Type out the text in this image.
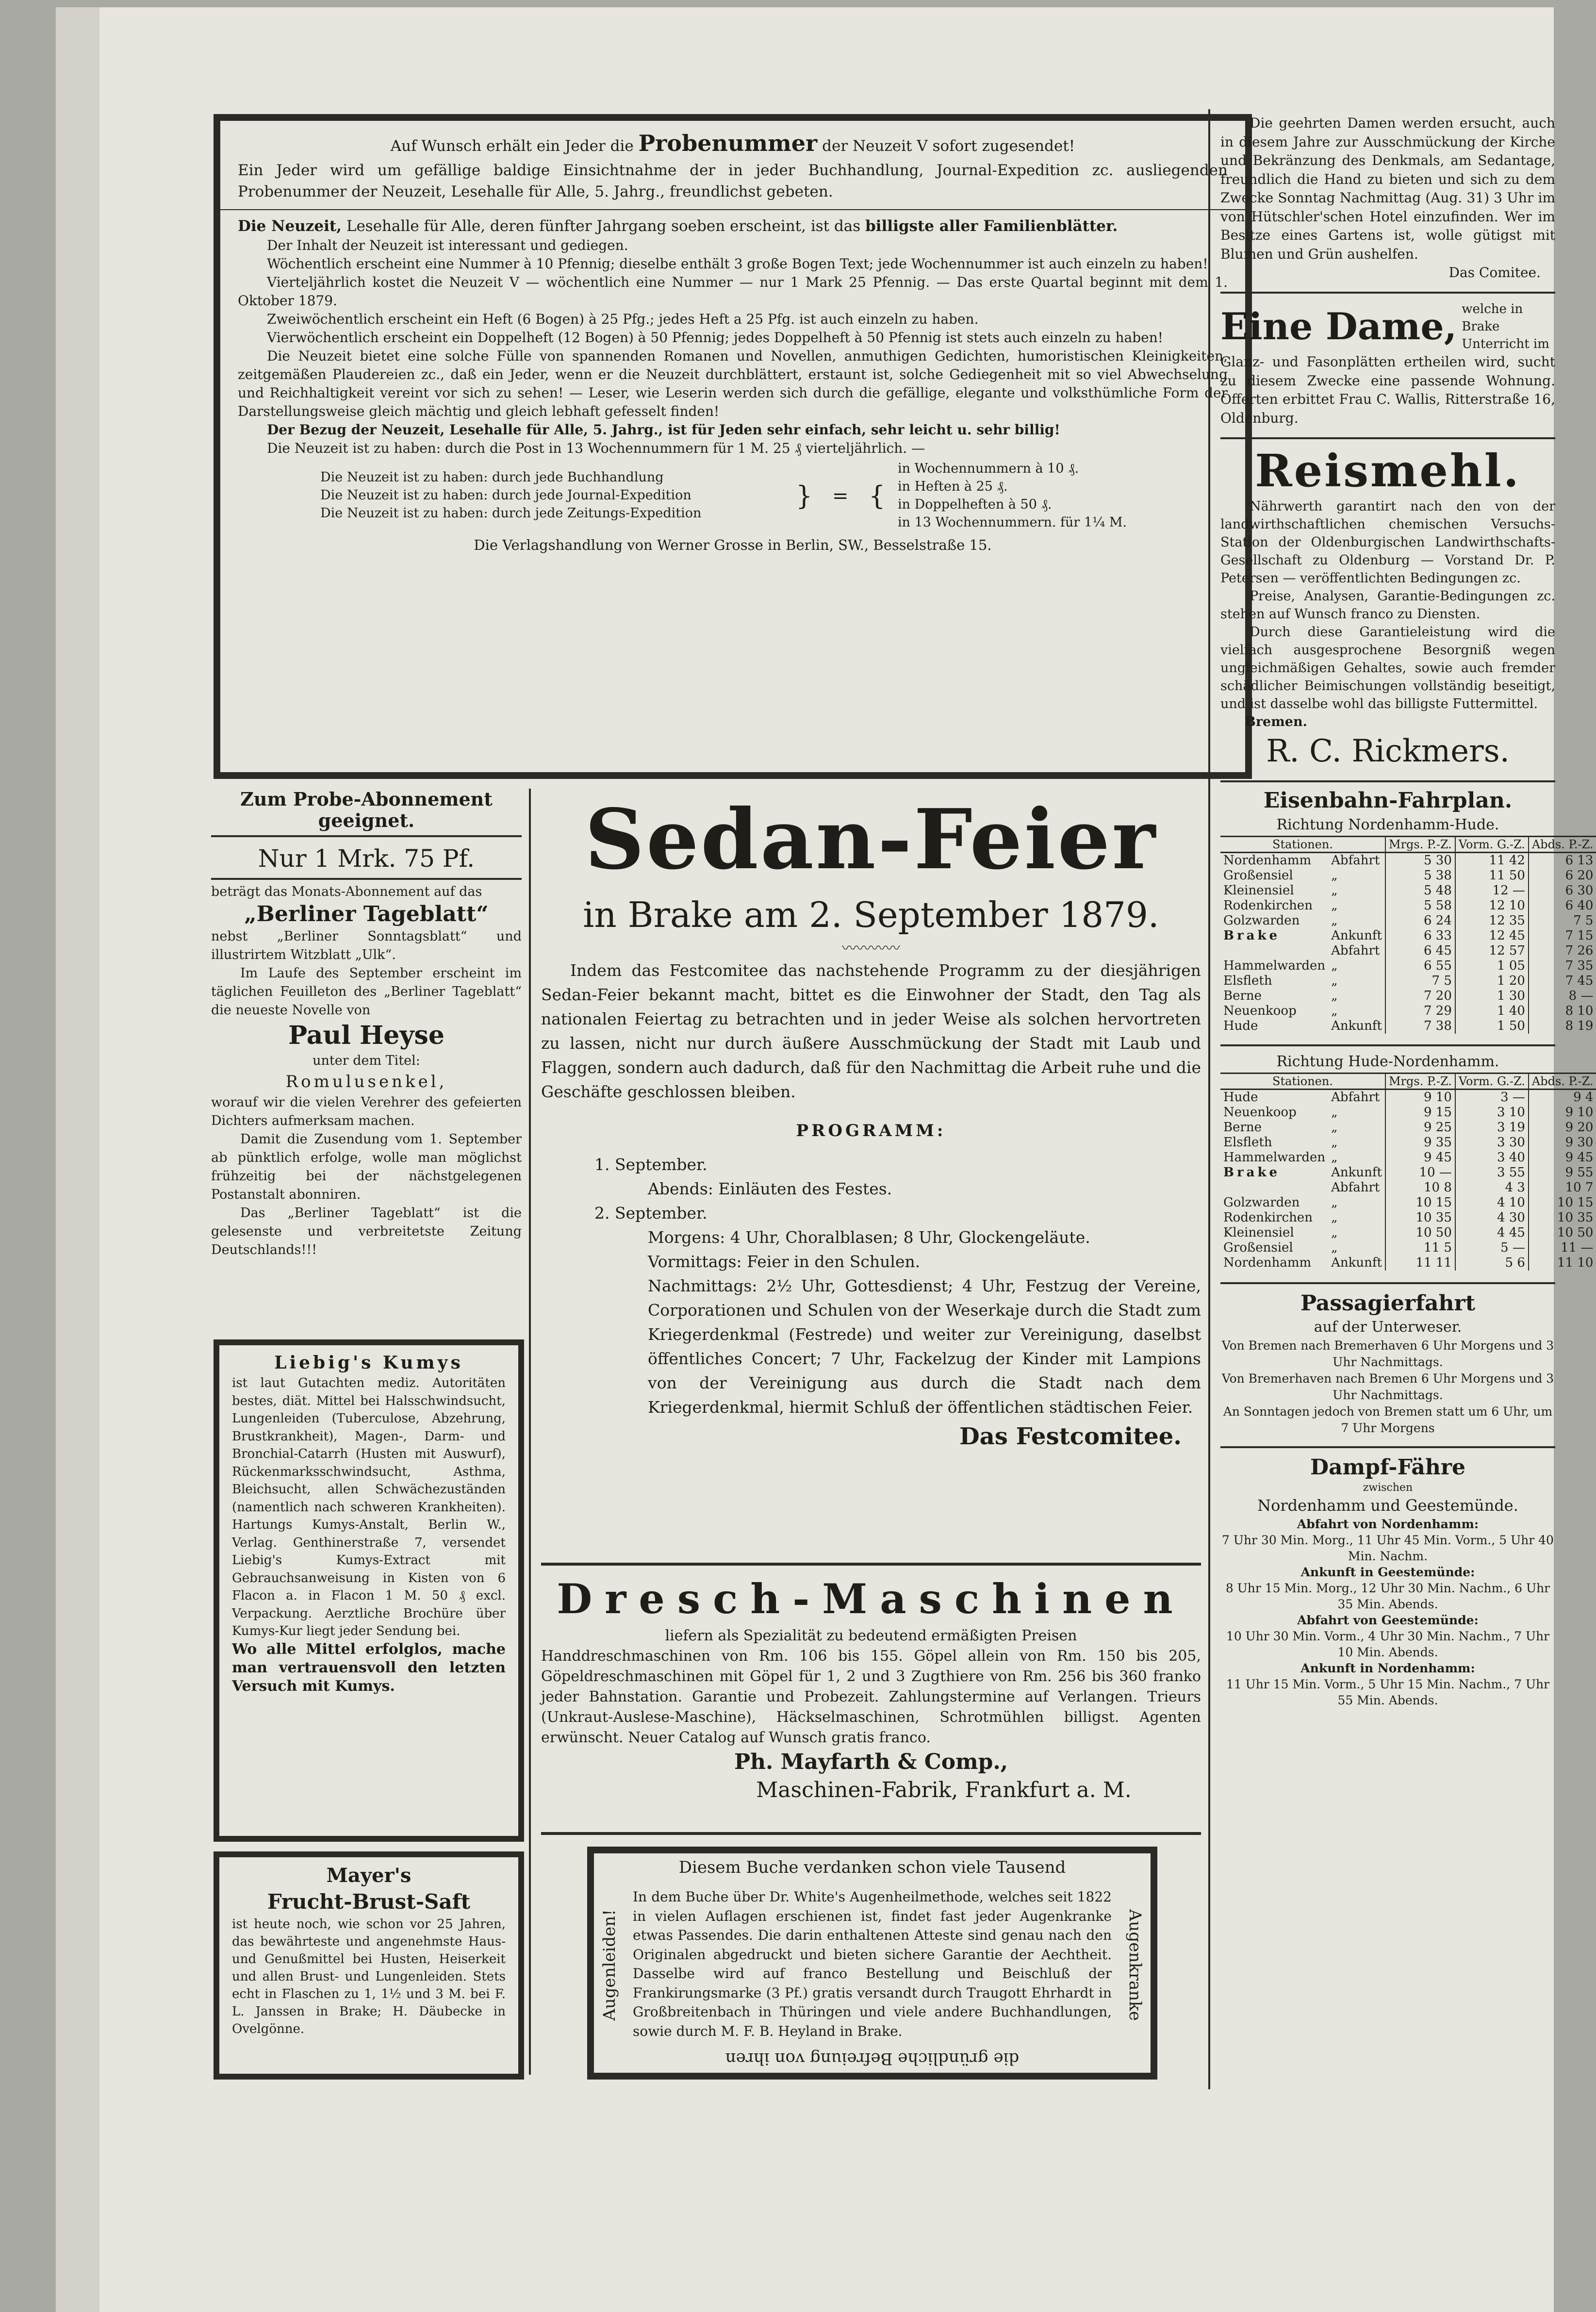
Auf Wunsch erhält ein Jeder die Probenummer der Neuzeit V sofort zugesendet!
Ein Jeder wird um gefällige baldige Einsichtnahme der in jeder Buchhandlung, Journal-Expedition zc. ausliegenden Probenummer der Neuzeit, Lesehalle für Alle, 5. Jahrg., freundlichst gebeten.
Die Neuzeit, Lesehalle für Alle, deren fünfter Jahrgang soeben erscheint, ist das billigste aller Familienblätter.
Der Inhalt der Neuzeit ist interessant und gediegen.
Wöchentlich erscheint eine Nummer à 10 Pfennig; dieselbe enthält 3 große Bogen Text; jede Wochennummer ist auch einzeln zu haben!
Vierteljährlich kostet die Neuzeit V — wöchentlich eine Nummer — nur 1 Mark 25 Pfennig. — Das erste Quartal beginnt mit dem 1. Oktober 1879.
Zweiwöchentlich erscheint ein Heft (6 Bogen) à 25 Pfg.; jedes Heft a 25 Pfg. ist auch einzeln zu haben.
Vierwöchentlich erscheint ein Doppelheft (12 Bogen) à 50 Pfennig; jedes Doppelheft à 50 Pfennig ist stets auch einzeln zu haben!
Die Neuzeit bietet eine solche Fülle von spannenden Romanen und Novellen, anmuthigen Gedichten, humoristischen Kleinigkeiten, zeitgemäßen Plaudereien zc., daß ein Jeder, wenn er die Neuzeit durchblättert, erstaunt ist, solche Gediegenheit mit so viel Abwechselung und Reichhaltigkeit vereint vor sich zu sehen! — Leser, wie Leserin werden sich durch die gefällige, elegante und volksthümliche Form der Darstellungsweise gleich mächtig und gleich lebhaft gefesselt finden!
Der Bezug der Neuzeit, Lesehalle für Alle, 5. Jahrg., ist für Jeden sehr einfach, sehr leicht u. sehr billig!
Die Neuzeit ist zu haben: durch die Post in 13 Wochennummern für 1 M. 25 ₰ vierteljährlich. —
Die Neuzeit ist zu haben: durch jede Buchhandlung
Die Neuzeit ist zu haben: durch jede Journal-Expedition
Die Neuzeit ist zu haben: durch jede Zeitungs-Expedition
} = {
in Wochennummern à 10 ₰.
in Heften à 25 ₰.
in Doppelheften à 50 ₰.
in 13 Wochennummern. für 1¼ M.
Die Verlagshandlung von Werner Grosse in Berlin, SW., Besselstraße 15.
Zum Probe-Abonnement geeignet.
Nur 1 Mrk. 75 Pf.
beträgt das Monats-Abonnement auf das
„Berliner Tageblatt“
nebst „Berliner Sonntagsblatt“ und illustrirtem Witzblatt „Ulk“.
Im Laufe des September erscheint im täglichen Feuilleton des „Berliner Tageblatt“ die neueste Novelle von
Paul Heyse
unter dem Titel:
Romulusenkel,
worauf wir die vielen Verehrer des gefeierten Dichters aufmerksam machen.
Damit die Zusendung vom 1. September ab pünktlich erfolge, wolle man möglichst frühzeitig bei der nächstgelegenen Postanstalt abonniren.
Das „Berliner Tageblatt“ ist die gelesenste und verbreitetste Zeitung Deutschlands!!!
Liebig's Kumys
ist laut Gutachten mediz. Autoritäten bestes, diät. Mittel bei Halsschwindsucht, Lungenleiden (Tuberculose, Abzehrung, Brustkrankheit), Magen-, Darm- und Bronchial-Catarrh (Husten mit Auswurf), Rückenmarksschwindsucht, Asthma, Bleichsucht, allen Schwächezuständen (namentlich nach schweren Krankheiten). Hartungs Kumys-Anstalt, Berlin W., Verlag. Genthinerstraße 7, versendet Liebig's Kumys-Extract mit Gebrauchsanweisung in Kisten von 6 Flacon a. in Flacon 1 M. 50 ₰ excl. Verpackung. Aerztliche Brochüre über Kumys-Kur liegt jeder Sendung bei.
Wo alle Mittel erfolglos, mache man vertrauensvoll den letzten Versuch mit Kumys.
Mayer's
Frucht-Brust-Saft
ist heute noch, wie schon vor 25 Jahren, das bewährteste und angenehmste Haus- und Genußmittel bei Husten, Heiserkeit und allen Brust- und Lungenleiden. Stets echt in Flaschen zu 1, 1½ und 3 M. bei F. L. Janssen in Brake; H. Däubecke in Ovelgönne.
Sedan-Feier
in Brake am 2. September 1879.
〰〰〰〰
Indem das Festcomitee das nachstehende Programm zu der diesjährigen Sedan-Feier bekannt macht, bittet es die Einwohner der Stadt, den Tag als nationalen Feiertag zu betrachten und in jeder Weise als solchen hervortreten zu lassen, nicht nur durch äußere Ausschmückung der Stadt mit Laub und Flaggen, sondern auch dadurch, daß für den Nachmittag die Arbeit ruhe und die Geschäfte geschlossen bleiben.
PROGRAMM:
1. September.
Abends: Einläuten des Festes.
2. September.
Morgens: 4 Uhr, Choralblasen; 8 Uhr, Glockengeläute.
Vormittags: Feier in den Schulen.
Nachmittags: 2½ Uhr, Gottesdienst; 4 Uhr, Festzug der Vereine, Corporationen und Schulen von der Weserkaje durch die Stadt zum Kriegerdenkmal (Festrede) und weiter zur Vereinigung, daselbst öffentliches Concert; 7 Uhr, Fackelzug der Kinder mit Lampions von der Vereinigung aus durch die Stadt nach dem Kriegerdenkmal, hiermit Schluß der öffentlichen städtischen Feier.
Das Festcomitee.
Dresch-Maschinen
liefern als Spezialität zu bedeutend ermäßigten Preisen
Handdreschmaschinen von Rm. 106 bis 155. Göpel allein von Rm. 150 bis 205, Göpeldreschmaschinen mit Göpel für 1, 2 und 3 Zugthiere von Rm. 256 bis 360 franko jeder Bahnstation. Garantie und Probezeit. Zahlungstermine auf Verlangen. Trieurs (Unkraut-Auslese-Maschine), Häckselmaschinen, Schrotmühlen billigst. Agenten erwünscht. Neuer Catalog auf Wunsch gratis franco.
Ph. Mayfarth & Comp.,
Maschinen-Fabrik, Frankfurt a. M.
Diesem Buche verdanken schon viele Tausend
Augenleiden!	Augenkranke
In dem Buche über Dr. White's Augenheilmethode, welches seit 1822 in vielen Auflagen erschienen ist, findet fast jeder Augenkranke etwas Passendes. Die darin enthaltenen Atteste sind genau nach den Originalen abgedruckt und bieten sichere Garantie der Aechtheit. Dasselbe wird auf franco Bestellung und Beischluß der Frankirungsmarke (3 Pf.) gratis versandt durch Traugott Ehrhardt in Großbreitenbach in Thüringen und viele andere Buchhandlungen, sowie durch M. F. B. Heyland in Brake.
die gründliche Befreiung von ihren
Die geehrten Damen werden ersucht, auch in diesem Jahre zur Ausschmückung der Kirche und Bekränzung des Denkmals, am Sedantage, freundlich die Hand zu bieten und sich zu dem Zwecke Sonntag Nachmittag (Aug. 31) 3 Uhr im von Hütschler'schen Hotel einzufinden. Wer im Besitze eines Gartens ist, wolle gütigst mit Blumen und Grün aushelfen.
Das Comitee.
Eine Dame, welche in Brake Unterricht im
Glanz- und Fasonplätten ertheilen wird, sucht zu diesem Zwecke eine passende Wohnung. Offerten erbittet Frau C. Wallis, Ritterstraße 16, Oldenburg.
Reismehl.
Nährwerth garantirt nach den von der landwirthschaftlichen chemischen Versuchs-Station der Oldenburgischen Landwirthschafts-Gesellschaft zu Oldenburg — Vorstand Dr. P. Petersen — veröffentlichten Bedingungen zc.
Preise, Analysen, Garantie-Bedingungen zc. stehen auf Wunsch franco zu Diensten.
Durch diese Garantieleistung wird die vielfach ausgesprochene Besorgniß wegen ungleichmäßigen Gehaltes, sowie auch fremder schädlicher Beimischungen vollständig beseitigt, und ist dasselbe wohl das billigste Futtermittel.
Bremen.
R. C. Rickmers.
Eisenbahn-Fahrplan.
Richtung Nordenhamm-Hude.
Stationen.		Mrgs. P.-Z.	Vorm. G.-Z.	Abds. P.-Z.
Nordenhamm	Abfahrt	5 30	11 42	6 13
Großensiel	„	5 38	11 50	6 20
Kleinensiel	„	5 48	12 —	6 30
Rodenkirchen	„	5 58	12 10	6 40
Golzwarden	„	6 24	12 35	7 5
Brake	Ankunft	6 33	12 45	7 15
	Abfahrt	6 45	12 57	7 26
Hammelwarden	„	6 55	1 05	7 35
Elsfleth	„	7 5	1 20	7 45
Berne	„	7 20	1 30	8 —
Neuenkoop	„	7 29	1 40	8 10
Hude	Ankunft	7 38	1 50	8 19
Richtung Hude-Nordenhamm.
Stationen.		Mrgs. P.-Z.	Vorm. G.-Z.	Abds. P.-Z.
Hude	Abfahrt	9 10	3 —	9 4
Neuenkoop	„	9 15	3 10	9 10
Berne	„	9 25	3 19	9 20
Elsfleth	„	9 35	3 30	9 30
Hammelwarden	„	9 45	3 40	9 45
Brake	Ankunft	10 —	3 55	9 55
	Abfahrt	10 8	4 3	10 7
Golzwarden	„	10 15	4 10	10 15
Rodenkirchen	„	10 35	4 30	10 35
Kleinensiel	„	10 50	4 45	10 50
Großensiel	„	11 5	5 —	11 —
Nordenhamm	Ankunft	11 11	5 6	11 10
Passagierfahrt
auf der Unterweser.
Von Bremen nach Bremerhaven 6 Uhr Morgens und 3 Uhr Nachmittags.
Von Bremerhaven nach Bremen 6 Uhr Morgens und 3 Uhr Nachmittags.
An Sonntagen jedoch von Bremen statt um 6 Uhr, um 7 Uhr Morgens
Dampf-Fähre
zwischen
Nordenhamm und Geestemünde.
Abfahrt von Nordenhamm:
7 Uhr 30 Min. Morg., 11 Uhr 45 Min. Vorm., 5 Uhr 40 Min. Nachm.
Ankunft in Geestemünde:
8 Uhr 15 Min. Morg., 12 Uhr 30 Min. Nachm., 6 Uhr 35 Min. Abends.
Abfahrt von Geestemünde:
10 Uhr 30 Min. Vorm., 4 Uhr 30 Min. Nachm., 7 Uhr 10 Min. Abends.
Ankunft in Nordenhamm:
11 Uhr 15 Min. Vorm., 5 Uhr 15 Min. Nachm., 7 Uhr 55 Min. Abends.
